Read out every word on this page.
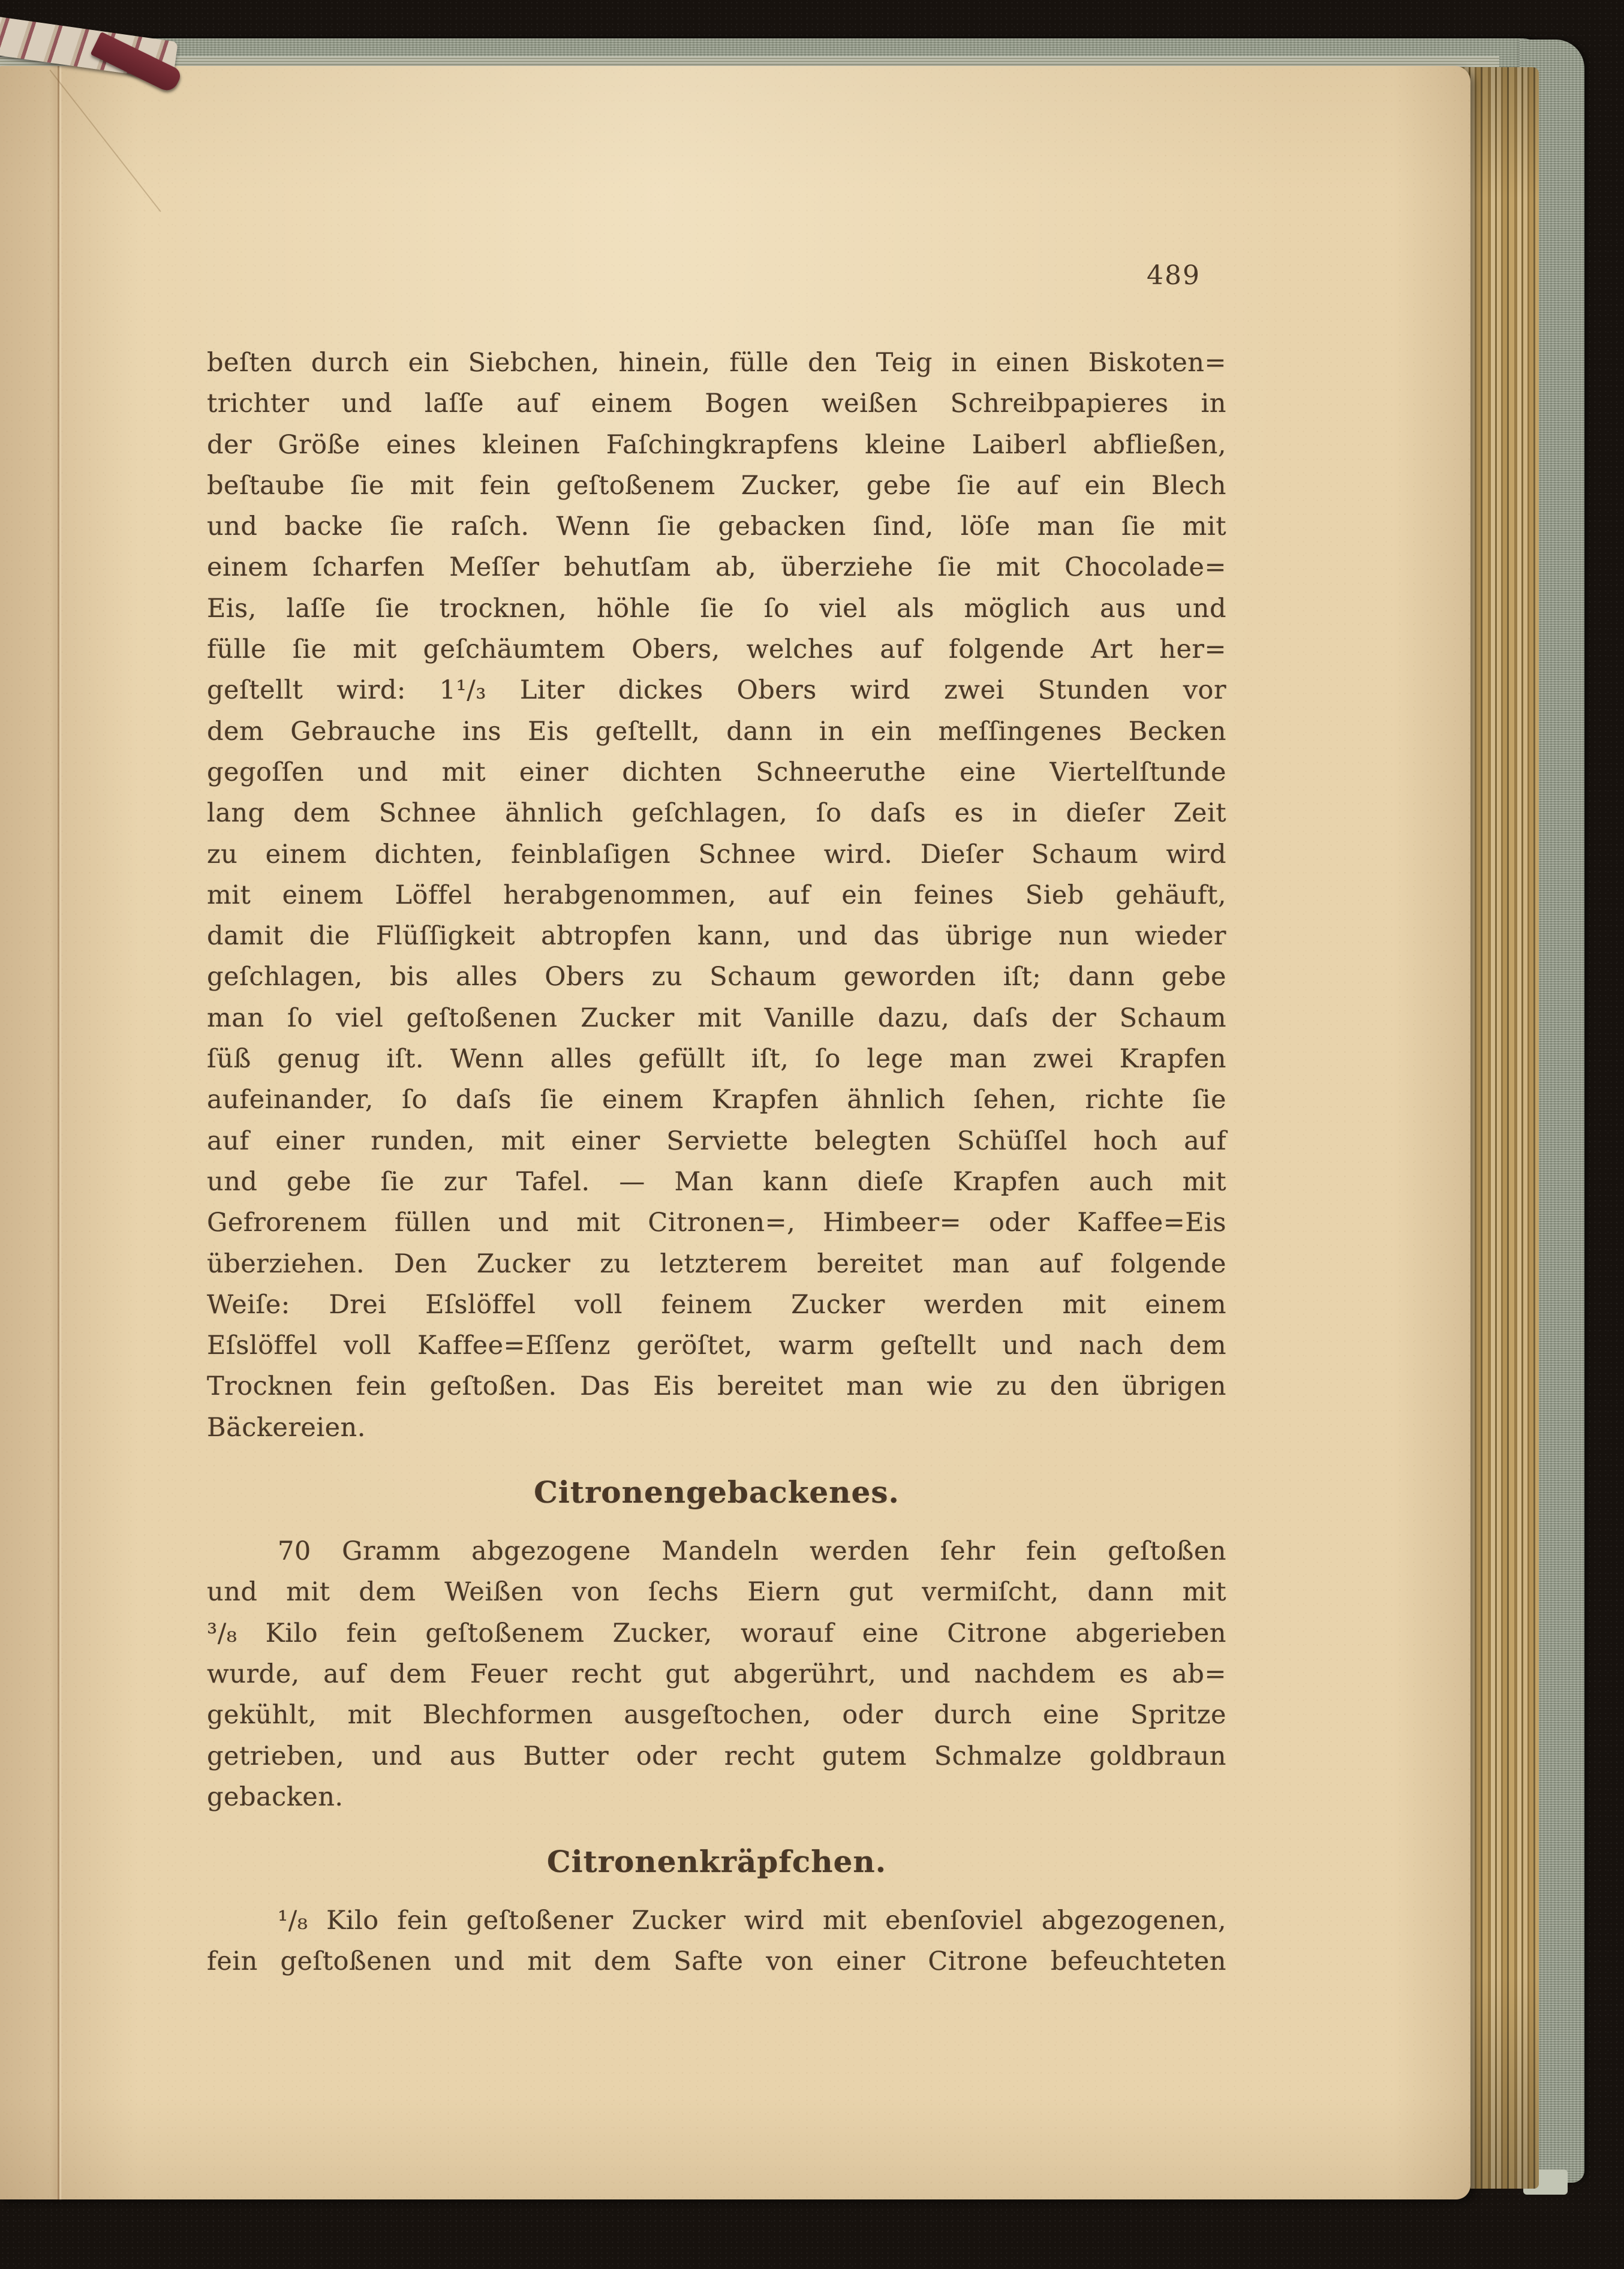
489
beſten durch ein Siebchen, hinein, fülle den Teig in einen Biskoten=
trichter und laſſe auf einem Bogen weißen Schreibpapieres in
der Größe eines kleinen Faſchingkrapfens kleine Laiberl abfließen,
beſtaube ſie mit fein geſtoßenem Zucker, gebe ſie auf ein Blech
und backe ſie raſch. Wenn ſie gebacken ſind, löſe man ſie mit
einem ſcharfen Meſſer behutſam ab, überziehe ſie mit Chocolade=
Eis, laſſe ſie trocknen, höhle ſie ſo viel als möglich aus und
fülle ſie mit geſchäumtem Obers, welches auf folgende Art her=
geſtellt wird: 1¹/₃ Liter dickes Obers wird zwei Stunden vor
dem Gebrauche ins Eis geſtellt, dann in ein meſſingenes Becken
gegoſſen und mit einer dichten Schneeruthe eine Viertelſtunde
lang dem Schnee ähnlich geſchlagen, ſo daſs es in dieſer Zeit
zu einem dichten, feinblaſigen Schnee wird. Dieſer Schaum wird
mit einem Löffel herabgenommen, auf ein feines Sieb gehäuft,
damit die Flüſſigkeit abtropfen kann, und das übrige nun wieder
geſchlagen, bis alles Obers zu Schaum geworden iſt; dann gebe
man ſo viel geſtoßenen Zucker mit Vanille dazu, daſs der Schaum
ſüß genug iſt. Wenn alles gefüllt iſt, ſo lege man zwei Krapfen
aufeinander, ſo daſs ſie einem Krapfen ähnlich ſehen, richte ſie
auf einer runden, mit einer Serviette belegten Schüſſel hoch auf
und gebe ſie zur Tafel. — Man kann dieſe Krapfen auch mit
Gefrorenem füllen und mit Citronen=, Himbeer= oder Kaffee=Eis
überziehen. Den Zucker zu letzterem bereitet man auf folgende
Weiſe: Drei Eſslöffel voll feinem Zucker werden mit einem
Eſslöffel voll Kaffee=Eſſenz geröſtet, warm geſtellt und nach dem
Trocknen fein geſtoßen. Das Eis bereitet man wie zu den übrigen
Bäckereien.
Citronengebackenes.
70 Gramm abgezogene Mandeln werden ſehr fein geſtoßen
und mit dem Weißen von ſechs Eiern gut vermiſcht, dann mit
³/₈ Kilo fein geſtoßenem Zucker, worauf eine Citrone abgerieben
wurde, auf dem Feuer recht gut abgerührt, und nachdem es ab=
gekühlt, mit Blechformen ausgeſtochen, oder durch eine Spritze
getrieben, und aus Butter oder recht gutem Schmalze goldbraun
gebacken.
Citronenkräpfchen.
¹/₈ Kilo fein geſtoßener Zucker wird mit ebenſoviel abgezogenen,
fein geſtoßenen und mit dem Safte von einer Citrone befeuchteten
